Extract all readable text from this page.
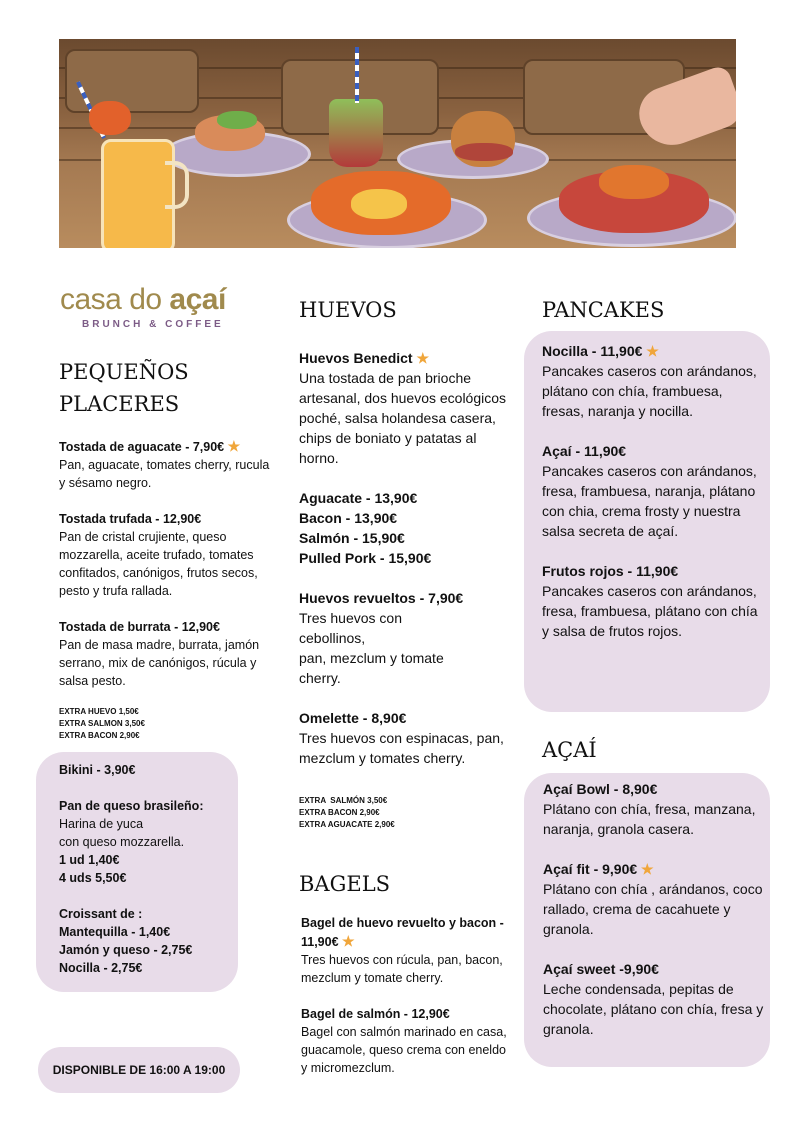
casa do açaí
BRUNCH & COFFEE
PEQUEÑOS PLACERES
Tostada de aguacate - 7,90€ ★
Pan, aguacate, tomates cherry, rucula y sésamo negro.
Tostada trufada - 12,90€
Pan de cristal crujiente, queso mozzarella, aceite trufado, tomates confitados, canónigos, frutos secos, pesto y trufa rallada.
Tostada de burrata - 12,90€
Pan de masa madre, burrata, jamón serrano, mix de canónigos, rúcula y salsa pesto.
EXTRA HUEVO 1,50€
EXTRA SALMON 3,50€
EXTRA BACON 2,90€
Bikini - 3,90€
Pan de queso brasileño:
Harina de yuca
con queso mozzarella.
1 ud 1,40€
4 uds 5,50€
Croissant de :
Mantequilla - 1,40€
Jamón y queso - 2,75€
Nocilla - 2,75€
DISPONIBLE DE 16:00 A 19:00
HUEVOS
Huevos Benedict ★
Una tostada de pan brioche artesanal, dos huevos ecológicos poché, salsa holandesa casera, chips de boniato y patatas al horno.
Aguacate - 13,90€
Bacon - 13,90€
Salmón - 15,90€
Pulled Pork - 15,90€
Huevos revueltos - 7,90€
Tres huevos con
cebollinos,
pan, mezclum y tomate
cherry.
Omelette - 8,90€
Tres huevos con espinacas, pan, mezclum y tomates cherry.
EXTRA  SALMÓN 3,50€
EXTRA BACON 2,90€
EXTRA AGUACATE 2,90€
BAGELS
Bagel de huevo revuelto y bacon - 11,90€ ★
Tres huevos con rúcula, pan, bacon, mezclum y tomate cherry.
Bagel de salmón - 12,90€
Bagel con salmón marinado en casa, guacamole, queso crema con eneldo y micromezclum.
PANCAKES
Nocilla - 11,90€ ★
Pancakes caseros con arándanos, plátano con chía, frambuesa, fresas, naranja y nocilla.
Açaí - 11,90€
Pancakes caseros con arándanos, fresa, frambuesa, naranja, plátano con chia, crema frosty y nuestra salsa secreta de açaí.
Frutos rojos - 11,90€
Pancakes caseros con arándanos, fresa, frambuesa, plátano con chía y salsa de frutos rojos.
AÇAÍ
Açaí Bowl - 8,90€
Plátano con chía, fresa, manzana, naranja, granola casera.
Açaí fit - 9,90€ ★
Plátano con chía , arándanos, coco rallado, crema de cacahuete y granola.
Açaí sweet -9,90€
Leche condensada, pepitas de chocolate, plátano con chía, fresa y granola.
